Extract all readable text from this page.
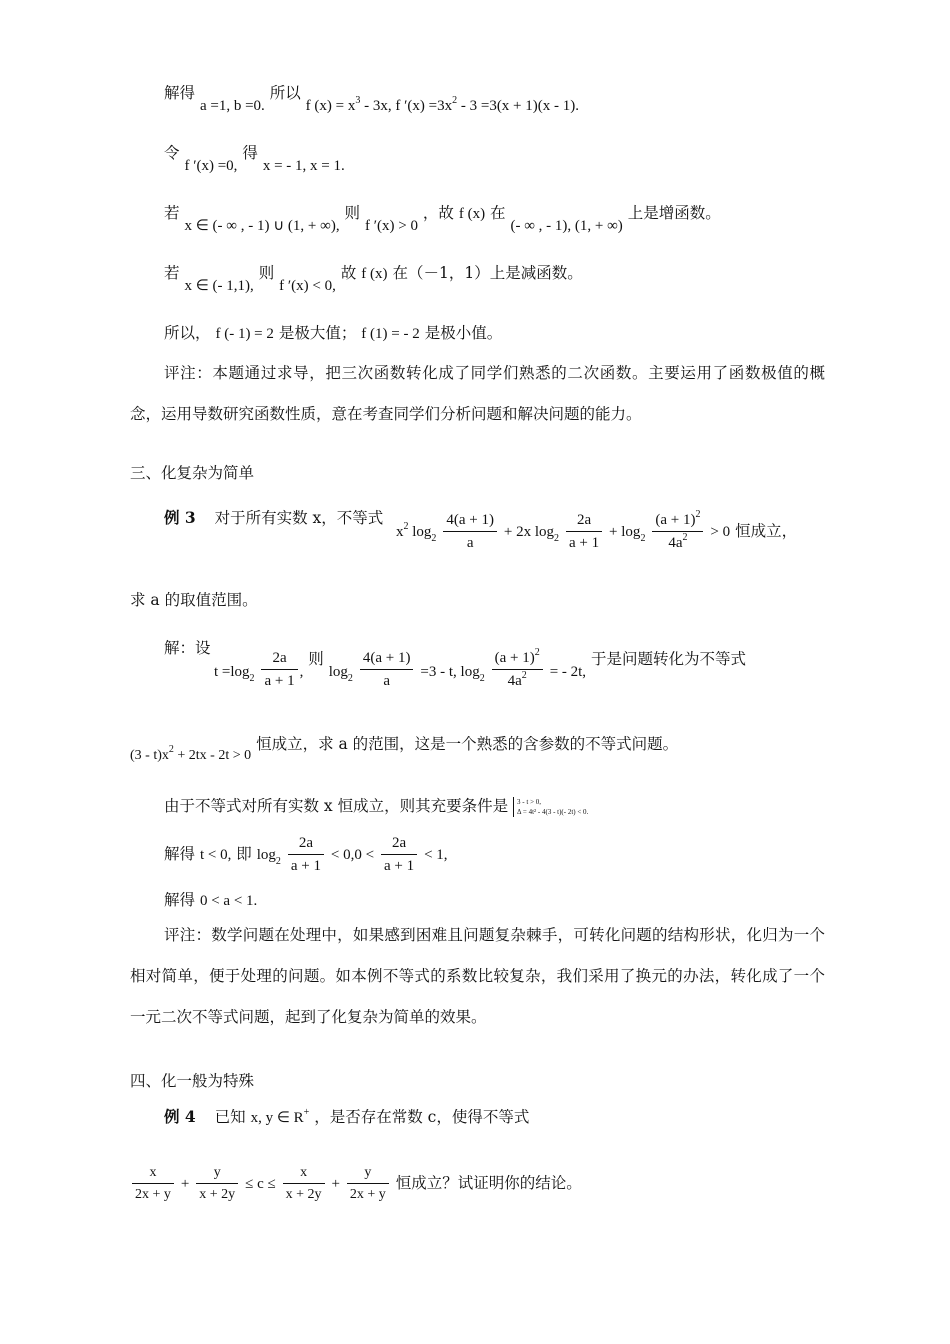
解得 a =1, b =0. 所以 f $(x) = x^3 - 3x$, f $'(x) =3x^2 - 3 =3(x + 1)(x - 1)$.
令 f ′(x) =0, 得 x = - 1, x = 1.
若 x ∈ (- ∞ , - 1) ∪ (1, + ∞), 则 f ′(x) > 0 ，故 f (x) 在 (- ∞ , - 1), (1, + ∞) 上是增函数。
若 x ∈ (- 1,1), 则 f ′(x) < 0, 故 f (x) 在（－1，1）上是减函数。
所以， f (- 1) = 2 是极大值； f (1) = - 2 是极小值。
评注：本题通过求导，把三次函数转化成了同学们熟悉的二次函数。主要运用了函数极值的概念，运用导数研究函数性质，意在考查同学们分析问题和解决问题的能力。
三、化复杂为简单
例 3 对于所有实数 x，不等式
$x^2$ $\log_2 \frac{4(a + 1)}{a} + 2x$ $\log_2 \frac{2a}{a + 1} + \log_2 \frac{(a + 1)^2}{4a^2} > 0$ 恒成立，
求 a 的取值范围。
解：设
$t =\log_2 \frac{2a}{a + 1}$ , 则 $\log_2 \frac{4(a + 1)}{a} =3 - t$, $\log_2 \frac{(a + 1)^2}{4a^2}$ = - 2t, 于是问题转化为不等式
$(3 - t)x^2 + 2tx - 2t > 0$ 恒成立，求 a 的范围，这是一个熟悉的含参数的不等式问题。
由于不等式对所有实数 x 恒成立，则其充要条件是 3 - t > 0,
Δ = 4t² - 4(3 - t)(- 2t) < 0.
解得 t < 0, 即 $\log_2 \frac{2a}{a + 1} < 0,0 < \frac{2a}{a + 1} < 1$,
解得 0 < a < 1.
评注：数学问题在处理中，如果感到困难且问题复杂棘手，可转化问题的结构形状，化归为一个相对简单，便于处理的问题。如本例不等式的系数比较复杂，我们采用了换元的办法，转化成了一个一元二次不等式问题，起到了化复杂为简单的效果。
四、化一般为特殊
例 4 已知 x, y ∈ R+ ，是否存在常数 c，使得不等式
$\frac{x}{2x + y} + \frac{y}{x + 2y} \le c \le \frac{x}{x + 2y} + \frac{y}{2x + y}$ 恒成立？试证明你的结论。
